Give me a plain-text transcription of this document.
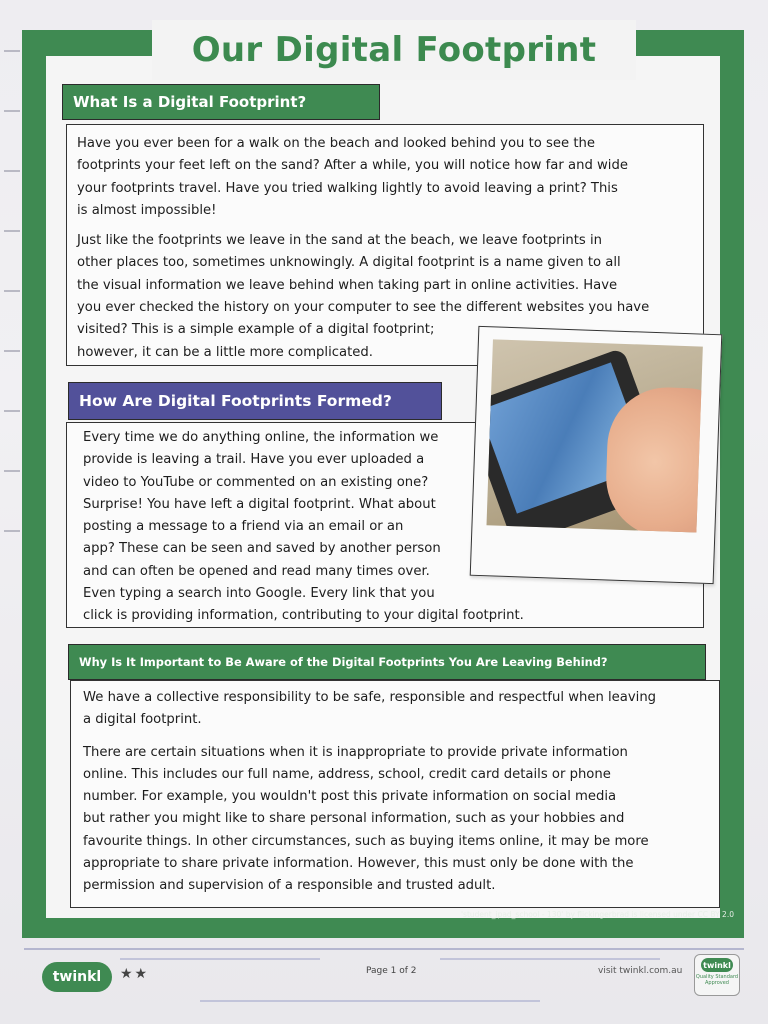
Our Digital Footprint

Have you ever been for a walk on the beach and looked behind you to see the

footprints your feet left on the sand? After a while, you will notice how far and wide

your footprints travel. Have you tried walking lightly to avoid leaving a print? This

is almost impossible!

Just like the footprints we leave in the sand at the beach, we leave footprints in

other places too, sometimes unknowingly. A digital footprint is a name given to all

the visual information we leave behind when taking part in online activities. Have

you ever checked the history on your computer to see the different websites you have

visited? This is a simple example of a digital footprint;

however, it can be a little more complicated.

What Is a Digital Footprint?

Every time we do anything online, the information we

provide is leaving a trail. Have you ever uploaded a

video to YouTube or commented on an existing one?

Surprise! You have left a digital footprint. What about

posting a message to a friend via an email or an

app? These can be seen and saved by another person

and can often be opened and read many times over.

Even typing a search into Google. Every link that you

click is providing information, contributing to your digital footprint.

How Are Digital Footprints Formed?

We have a collective responsibility to be safe, responsible and respectful when leaving

a digital footprint.

There are certain situations when it is inappropriate to provide private information

online. This includes our full name, address, school, credit card details or phone

number. For example, you wouldn't post this private information on social media

but rather you might like to share personal information, such as your hobbies and

favourite things. In other circumstances, such as buying items online, it may be more

appropriate to share private information. However, this must only be done with the

permission and supervision of a responsible and trusted adult.

Why Is It Important to Be Aware of the Digital Footprints You Are Leaving Behind?
'student_ipad_school - 130' by flickingerbrad is licensed under CC BY 2.0
twinkl	★★	Page 1 of 2	visit twinkl.com.au
twinkl
Quality Standard Approved
